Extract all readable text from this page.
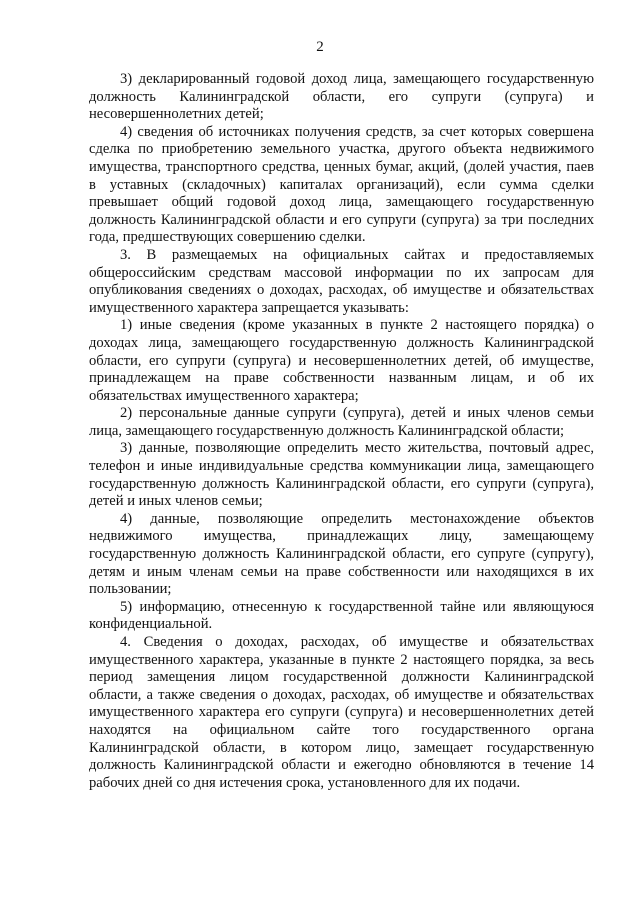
2

3) декларированный годовой доход лица, замещающего государственную должность Калининградской области, его супруги (супруга) и несовершеннолетних детей;

4) сведения об источниках получения средств, за счет которых совершена сделка по приобретению земельного участка, другого объекта недвижимого имущества, транспортного средства, ценных бумаг, акций, (долей участия, паев в уставных (складочных) капиталах организаций), если сумма сделки превышает общий годовой доход лица, замещающего государственную должность Калининградской области и его супруги (супруга) за три последних года, предшествующих совершению сделки.

3. В размещаемых на официальных сайтах и предоставляемых общероссийским средствам массовой информации по их запросам для опубликования сведениях о доходах, расходах, об имуществе и обязательствах имущественного характера запрещается указывать:

1) иные сведения (кроме указанных в пункте 2 настоящего порядка) о доходах лица, замещающего государственную должность Калининградской области, его супруги (супруга) и несовершеннолетних детей, об имуществе, принадлежащем на праве собственности названным лицам, и об их обязательствах имущественного характера;

2) персональные данные супруги (супруга), детей и иных членов семьи лица, замещающего государственную должность Калининградской области;

3) данные, позволяющие определить место жительства, почтовый адрес, телефон и иные индивидуальные средства коммуникации лица, замещающего государственную должность Калининградской области, его супруги (супруга), детей и иных членов семьи;

4) данные, позволяющие определить местонахождение объектов недвижимого имущества, принадлежащих лицу, замещающему государственную должность Калининградской области, его супруге (супругу), детям и иным членам семьи на праве собственности или находящихся в их пользовании;

5) информацию, отнесенную к государственной тайне или являющуюся конфиденциальной.

4. Сведения о доходах, расходах, об имуществе и обязательствах имущественного характера, указанные в пункте 2 настоящего порядка, за весь период замещения лицом государственной должности Калининградской области, а также сведения о доходах, расходах, об имуществе и обязательствах имущественного характера его супруги (супруга) и несовершеннолетних детей находятся на официальном сайте того государственного органа Калининградской области, в котором лицо, замещает государственную должность Калининградской области и ежегодно обновляются в течение 14 рабочих дней со дня истечения срока, установленного для их подачи.
